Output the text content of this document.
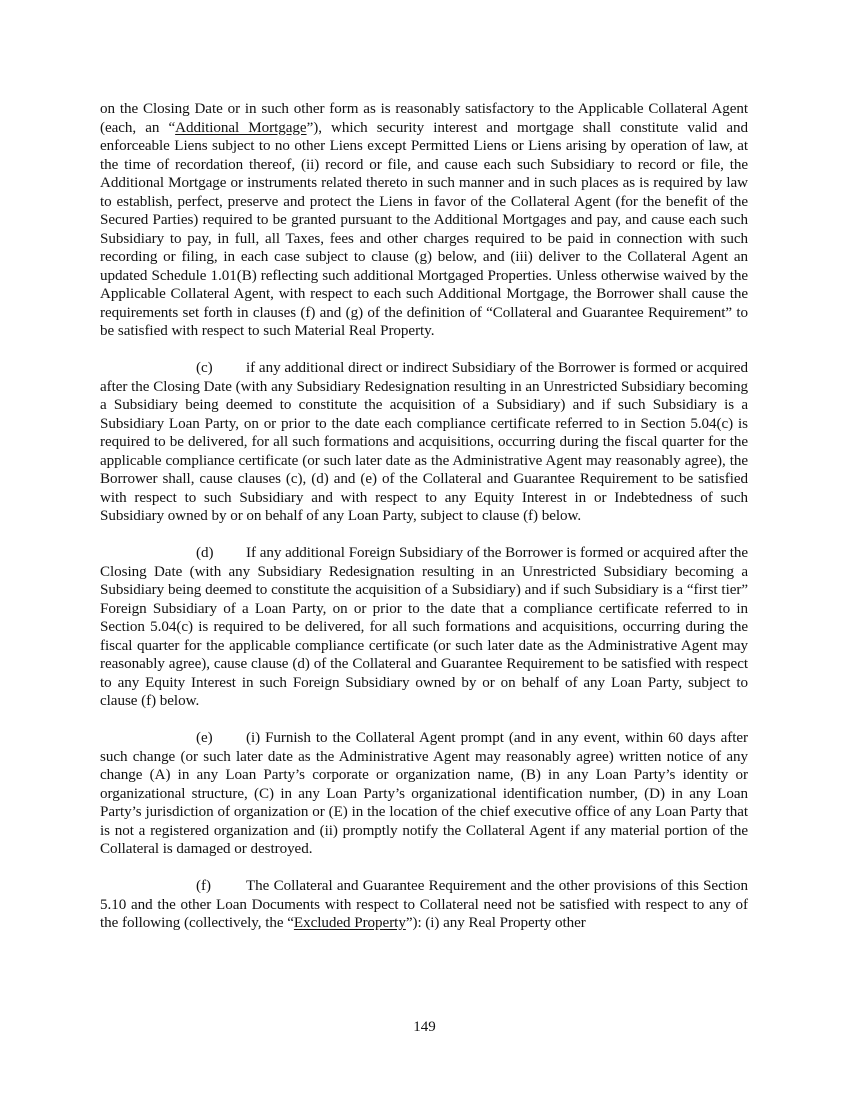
on the Closing Date or in such other form as is reasonably satisfactory to the Applicable Collateral Agent (each, an “Additional Mortgage”), which security interest and mortgage shall constitute valid and enforceable Liens subject to no other Liens except Permitted Liens or Liens arising by operation of law, at the time of recordation thereof, (ii) record or file, and cause each such Subsidiary to record or file, the Additional Mortgage or instruments related thereto in such manner and in such places as is required by law to establish, perfect, preserve and protect the Liens in favor of the Collateral Agent (for the benefit of the Secured Parties) required to be granted pursuant to the Additional Mortgages and pay, and cause each such Subsidiary to pay, in full, all Taxes, fees and other charges required to be paid in connection with such recording or filing, in each case subject to clause (g) below, and (iii) deliver to the Collateral Agent an updated Schedule 1.01(B) reflecting such additional Mortgaged Properties. Unless otherwise waived by the Applicable Collateral Agent, with respect to each such Additional Mortgage, the Borrower shall cause the requirements set forth in clauses (f) and (g) of the definition of “Collateral and Guarantee Requirement” to be satisfied with respect to such Material Real Property.

(c) if any additional direct or indirect Subsidiary of the Borrower is formed or acquired after the Closing Date (with any Subsidiary Redesignation resulting in an Unrestricted Subsidiary becoming a Subsidiary being deemed to constitute the acquisition of a Subsidiary) and if such Subsidiary is a Subsidiary Loan Party, on or prior to the date each compliance certificate referred to in Section 5.04(c) is required to be delivered, for all such formations and acquisitions, occurring during the fiscal quarter for the applicable compliance certificate (or such later date as the Administrative Agent may reasonably agree), the Borrower shall, cause clauses (c), (d) and (e) of the Collateral and Guarantee Requirement to be satisfied with respect to such Subsidiary and with respect to any Equity Interest in or Indebtedness of such Subsidiary owned by or on behalf of any Loan Party, subject to clause (f) below.

(d) If any additional Foreign Subsidiary of the Borrower is formed or acquired after the Closing Date (with any Subsidiary Redesignation resulting in an Unrestricted Subsidiary becoming a Subsidiary being deemed to constitute the acquisition of a Subsidiary) and if such Subsidiary is a “first tier” Foreign Subsidiary of a Loan Party, on or prior to the date that a compliance certificate referred to in Section 5.04(c) is required to be delivered, for all such formations and acquisitions, occurring during the fiscal quarter for the applicable compliance certificate (or such later date as the Administrative Agent may reasonably agree), cause clause (d) of the Collateral and Guarantee Requirement to be satisfied with respect to any Equity Interest in such Foreign Subsidiary owned by or on behalf of any Loan Party, subject to clause (f) below.

(e) (i) Furnish to the Collateral Agent prompt (and in any event, within 60 days after such change (or such later date as the Administrative Agent may reasonably agree) written notice of any change (A) in any Loan Party’s corporate or organization name, (B) in any Loan Party’s identity or organizational structure, (C) in any Loan Party’s organizational identification number, (D) in any Loan Party’s jurisdiction of organization or (E) in the location of the chief executive office of any Loan Party that is not a registered organization and (ii) promptly notify the Collateral Agent if any material portion of the Collateral is damaged or destroyed.

(f) The Collateral and Guarantee Requirement and the other provisions of this Section 5.10 and the other Loan Documents with respect to Collateral need not be satisfied with respect to any of the following (collectively, the “Excluded Property”): (i) any Real Property other

149
